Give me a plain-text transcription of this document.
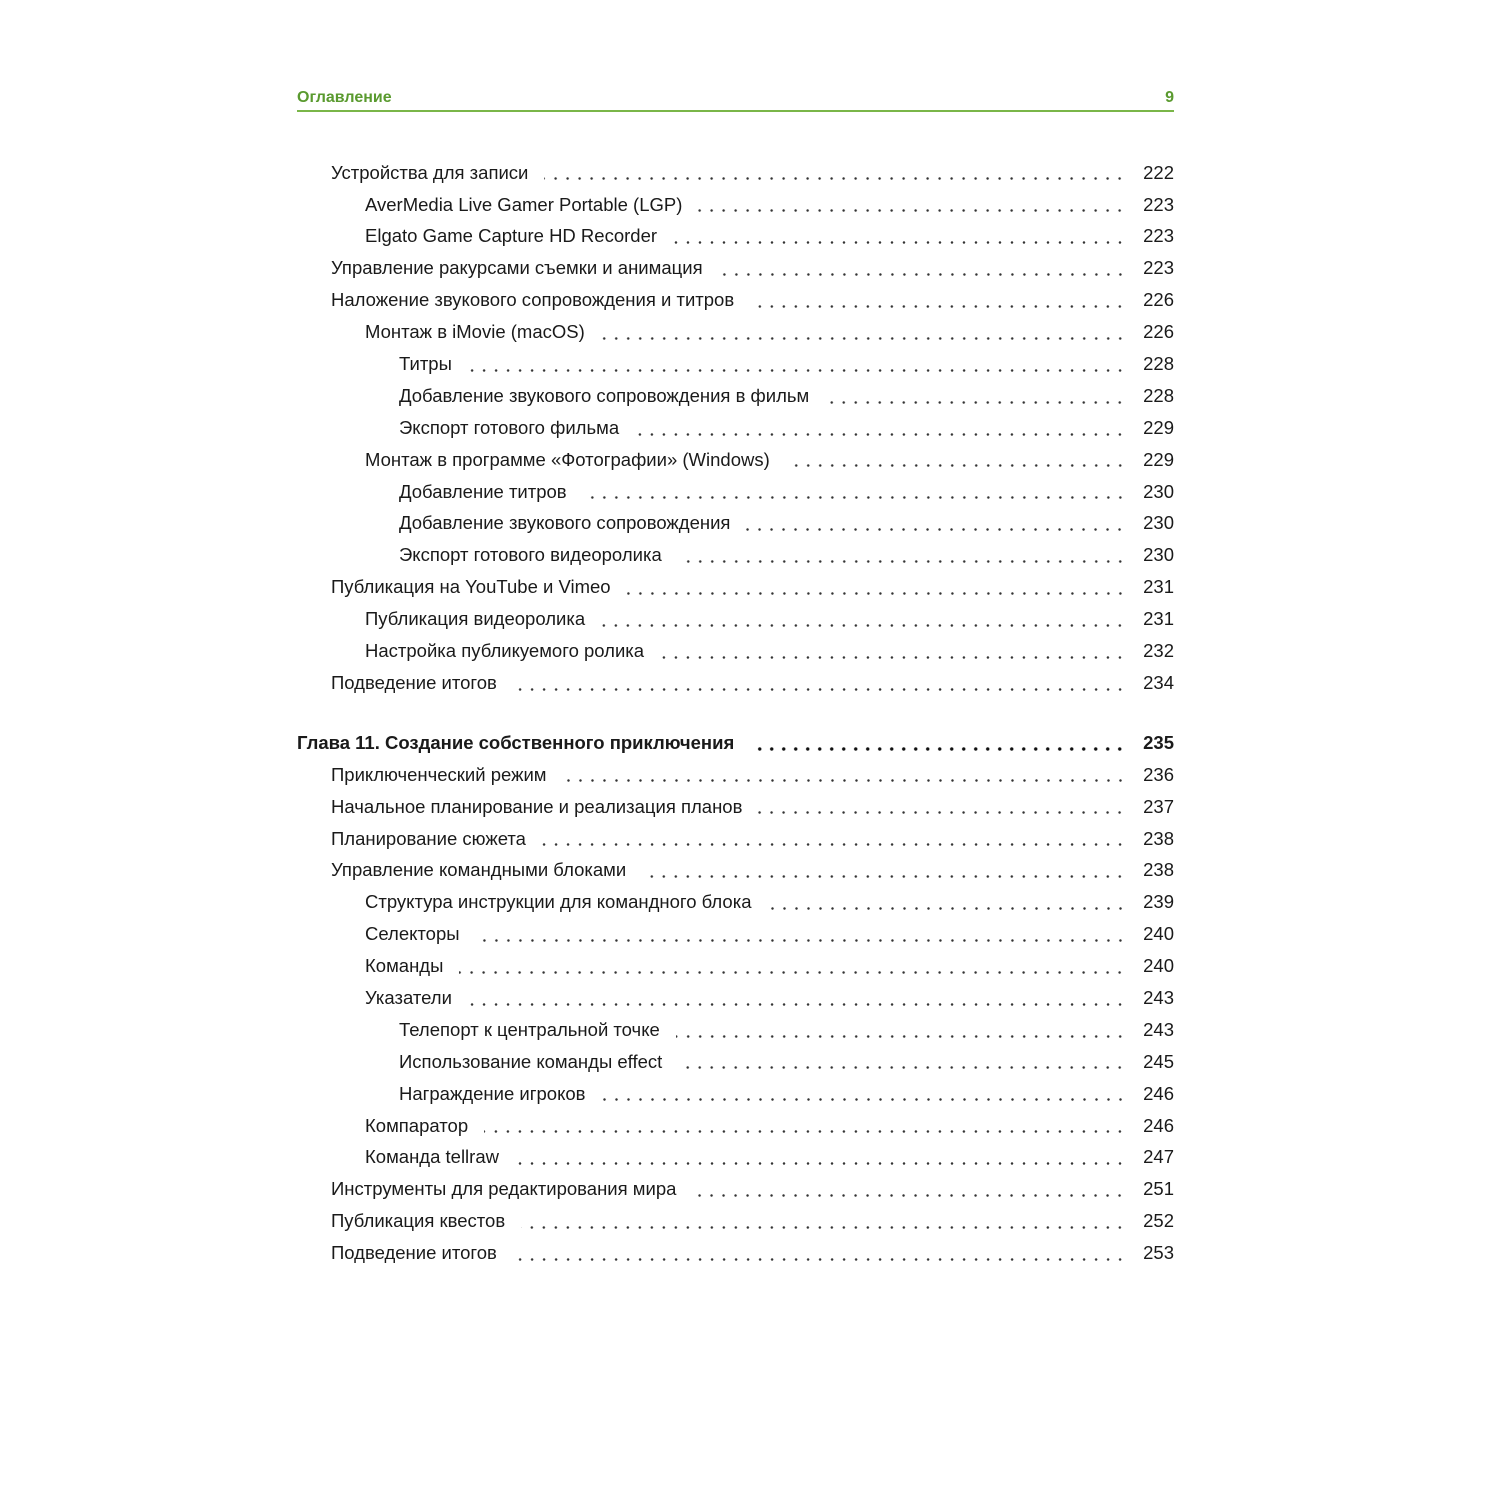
Оглавление	9
Устройства для записи	222
AverMedia Live Gamer Portable (LGP)	223
Elgato Game Capture HD Recorder	223
Управление ракурсами съемки и анимация	223
Наложение звукового сопровождения и титров	226
Монтаж в iMovie (macOS)	226
Титры	228
Добавление звукового сопровождения в фильм	228
Экспорт готового фильма	229
Монтаж в программе «Фотографии» (Windows)	229
Добавление титров	230
Добавление звукового сопровождения	230
Экспорт готового видеоролика	230
Публикация на YouTube и Vimeo	231
Публикация видеоролика	231
Настройка публикуемого ролика	232
Подведение итогов	234
Глава 11. Создание собственного приключения	235
Приключенческий режим	236
Начальное планирование и реализация планов	237
Планирование сюжета	238
Управление командными блоками	238
Структура инструкции для командного блока	239
Селекторы	240
Команды	240
Указатели	243
Телепорт к центральной точке	243
Использование команды effect	245
Награждение игроков	246
Компаратор	246
Команда tellraw	247
Инструменты для редактирования мира	251
Публикация квестов	252
Подведение итогов	253
